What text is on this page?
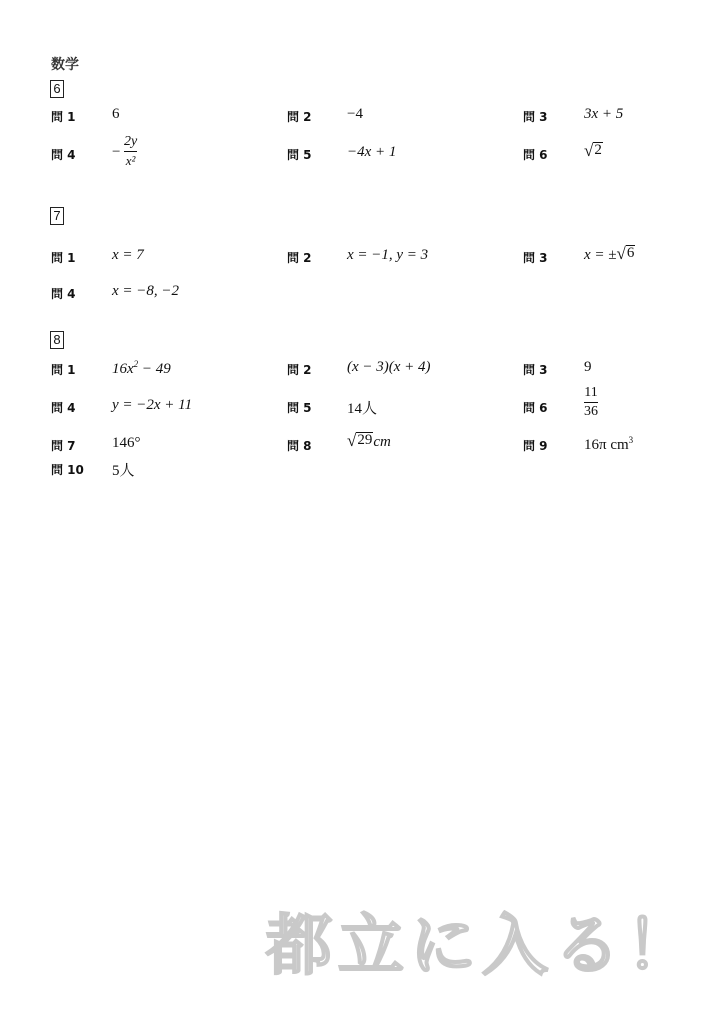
数学
6
問 1 6	問 2 −4	問 3 3x + 5
問 4 −
2y
x²	問 5 −4x + 1	問 6 √ 2
7
問 1 x = 7	問 2 x = −1, y = 3	問 3 x = ± √ 6
問 4 x = −8, −2
8
問 1 $16x^2 - 49$	問 2 (x − 3)(x + 4)	問 3 9
問 4 y = −2x + 11	問 5 14人	問 6
11
36
問 7 146°	問 8 √ 29 cm	問 9 16π $cm^3$
問 10 5人
都立に入る！
